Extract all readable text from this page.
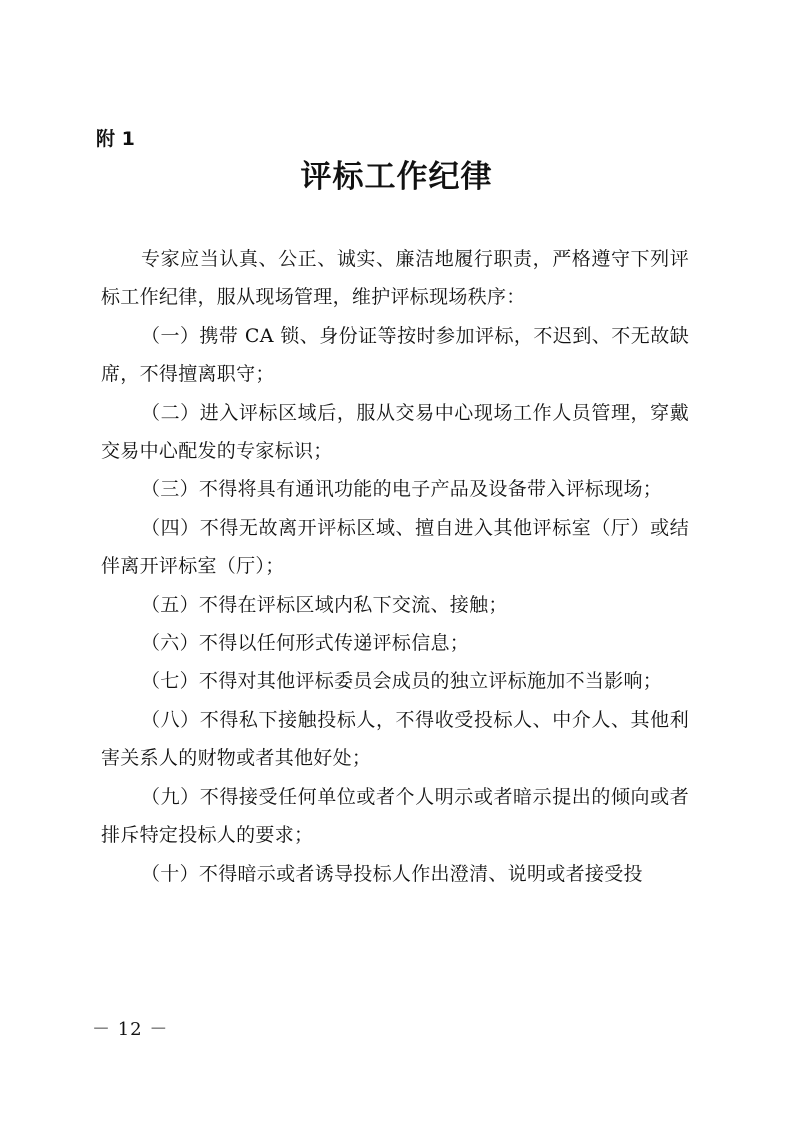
附 1
评标工作纪律

专家应当认真、公正、诚实、廉洁地履行职责，严格遵守下列评标工作纪律，服从现场管理，维护评标现场秩序：

（一）携带 CA 锁、身份证等按时参加评标，不迟到、不无故缺席，不得擅离职守；

（二）进入评标区域后，服从交易中心现场工作人员管理，穿戴交易中心配发的专家标识；

（三）不得将具有通讯功能的电子产品及设备带入评标现场；

（四）不得无故离开评标区域、擅自进入其他评标室（厅）或结伴离开评标室（厅）；

（五）不得在评标区域内私下交流、接触；

（六）不得以任何形式传递评标信息；

（七）不得对其他评标委员会成员的独立评标施加不当影响；

（八）不得私下接触投标人，不得收受投标人、中介人、其他利害关系人的财物或者其他好处；

（九）不得接受任何单位或者个人明示或者暗示提出的倾向或者排斥特定投标人的要求；

（十）不得暗示或者诱导投标人作出澄清、说明或者接受投

－ 12 －
